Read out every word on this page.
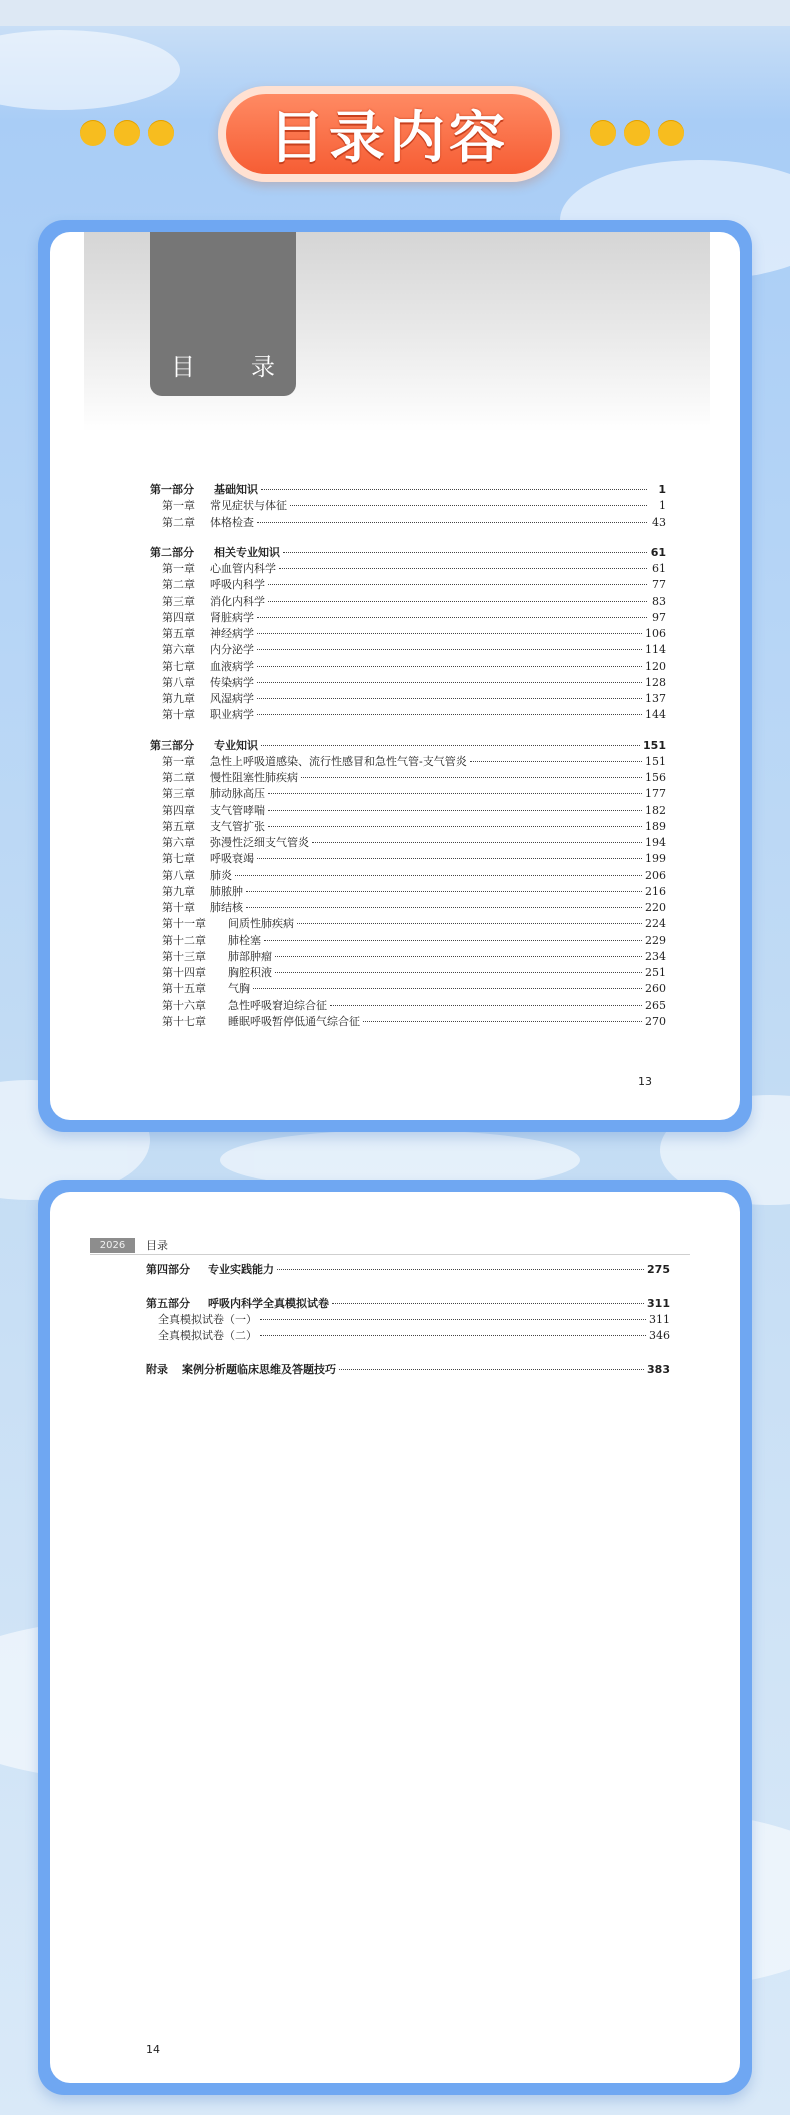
目录内容
目　录
第一部分	基础知识	1
第一章	常见症状与体征	1
第二章	体格检查	43
第二部分	相关专业知识	61
第一章	心血管内科学	61
第二章	呼吸内科学	77
第三章	消化内科学	83
第四章	肾脏病学	97
第五章	神经病学	106
第六章	内分泌学	114
第七章	血液病学	120
第八章	传染病学	128
第九章	风湿病学	137
第十章	职业病学	144
第三部分	专业知识	151
第一章	急性上呼吸道感染、流行性感冒和急性气管-支气管炎	151
第二章	慢性阻塞性肺疾病	156
第三章	肺动脉高压	177
第四章	支气管哮喘	182
第五章	支气管扩张	189
第六章	弥漫性泛细支气管炎	194
第七章	呼吸衰竭	199
第八章	肺炎	206
第九章	肺脓肿	216
第十章	肺结核	220
第十一章	间质性肺疾病	224
第十二章	肺栓塞	229
第十三章	肺部肿瘤	234
第十四章	胸腔积液	251
第十五章	气胸	260
第十六章	急性呼吸窘迫综合征	265
第十七章	睡眠呼吸暂停低通气综合征	270
13
2026	目录
第四部分	专业实践能力	275
第五部分	呼吸内科学全真模拟试卷	311
全真模拟试卷（一）	311
全真模拟试卷（二）	346
附录	案例分析题临床思维及答题技巧	383
14
